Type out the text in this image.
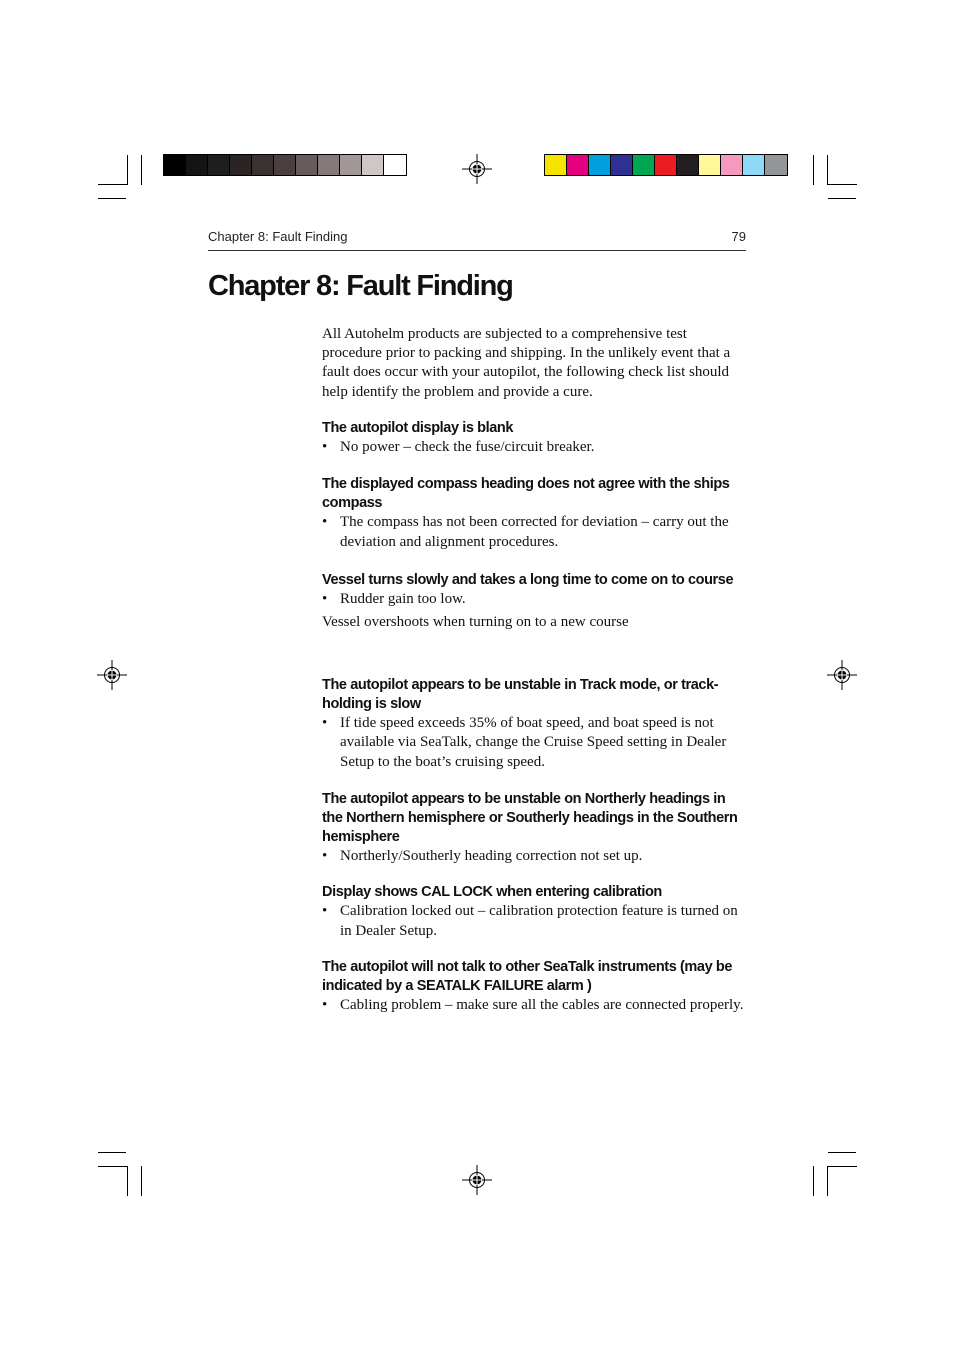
Chapter 8: Fault Finding	79
Chapter 8: Fault Finding

All Autohelm products are subjected to a comprehensive test procedure prior to packing and shipping. In the unlikely event that a fault does occur with your autopilot, the following check list should help identify the problem and provide a cure.

The autopilot display is blank
• No power – check the fuse/circuit breaker.
The displayed compass heading does not agree with the ships compass
• The compass has not been corrected for deviation – carry out the deviation and alignment procedures.
Vessel turns slowly and takes a long time to come on to course
• Rudder gain too low.

Vessel overshoots when turning on to a new course

The autopilot appears to be unstable in Track mode, or track-holding is slow
• If tide speed exceeds 35% of boat speed, and boat speed is not available via SeaTalk, change the Cruise Speed setting in Dealer Setup to the boat’s cruising speed.
The autopilot appears to be unstable on Northerly headings in the Northern hemisphere or Southerly headings in the Southern hemisphere
• Northerly/Southerly heading correction not set up.
Display shows CAL LOCK when entering calibration
• Calibration locked out – calibration protection feature is turned on in Dealer Setup.
The autopilot will not talk to other SeaTalk instruments (may be indicated by a SEATALK FAILURE alarm )
• Cabling problem – make sure all the cables are connected properly.
